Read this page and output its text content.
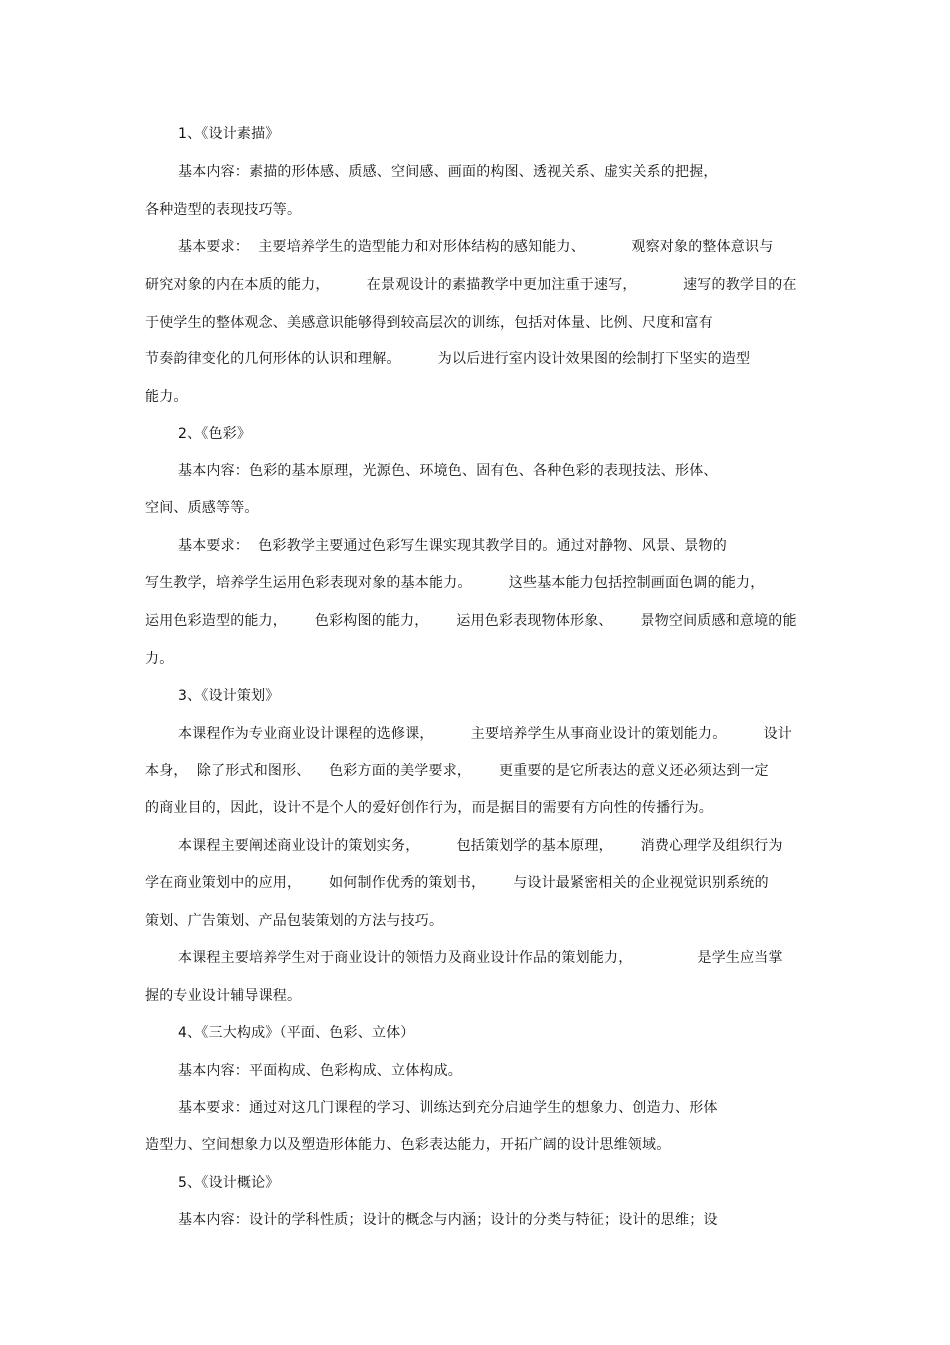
1、《设计素描》
基本内容：素描的形体感、质感、空间感、画面的构图、透视关系、虚实关系的把握，
各种造型的表现技巧等。
基本要求：  主要培养学生的造型能力和对形体结构的感知能力、          观察对象的整体意识与
研究对象的内在本质的能力，        在景观设计的素描教学中更加注重于速写，          速写的教学目的在
于使学生的整体观念、美感意识能够得到较高层次的训练，包括对体量、比例、尺度和富有
节奏韵律变化的几何形体的认识和理解。        为以后进行室内设计效果图的绘制打下坚实的造型
能力。
2、《色彩》
基本内容：色彩的基本原理，光源色、环境色、固有色、各种色彩的表现技法、形体、
空间、质感等等。
基本要求：  色彩教学主要通过色彩写生课实现其教学目的。通过对静物、风景、景物的
写生教学，培养学生运用色彩表现对象的基本能力。        这些基本能力包括控制画面色调的能力，
运用色彩造型的能力，      色彩构图的能力，      运用色彩表现物体形象、      景物空间质感和意境的能
力。
3、《设计策划》
本课程作为专业商业设计课程的选修课，        主要培养学生从事商业设计的策划能力。        设计
本身，  除了形式和图形、    色彩方面的美学要求，      更重要的是它所表达的意义还必须达到一定
的商业目的，因此，设计不是个人的爱好创作行为，而是据目的需要有方向性的传播行为。
本课程主要阐述商业设计的策划实务，        包括策划学的基本原理，      消费心理学及组织行为
学在商业策划中的应用，      如何制作优秀的策划书，      与设计最紧密相关的企业视觉识别系统的
策划、广告策划、产品包装策划的方法与技巧。
本课程主要培养学生对于商业设计的领悟力及商业设计作品的策划能力，              是学生应当掌
握的专业设计辅导课程。
4、《三大构成》（平面、色彩、立体）
基本内容：平面构成、色彩构成、立体构成。
基本要求：通过对这几门课程的学习、训练达到充分启迪学生的想象力、创造力、形体
造型力、空间想象力以及塑造形体能力、色彩表达能力，开拓广阔的设计思维领域。
5、《设计概论》
基本内容：设计的学科性质；设计的概念与内涵；设计的分类与特征；设计的思维；设
